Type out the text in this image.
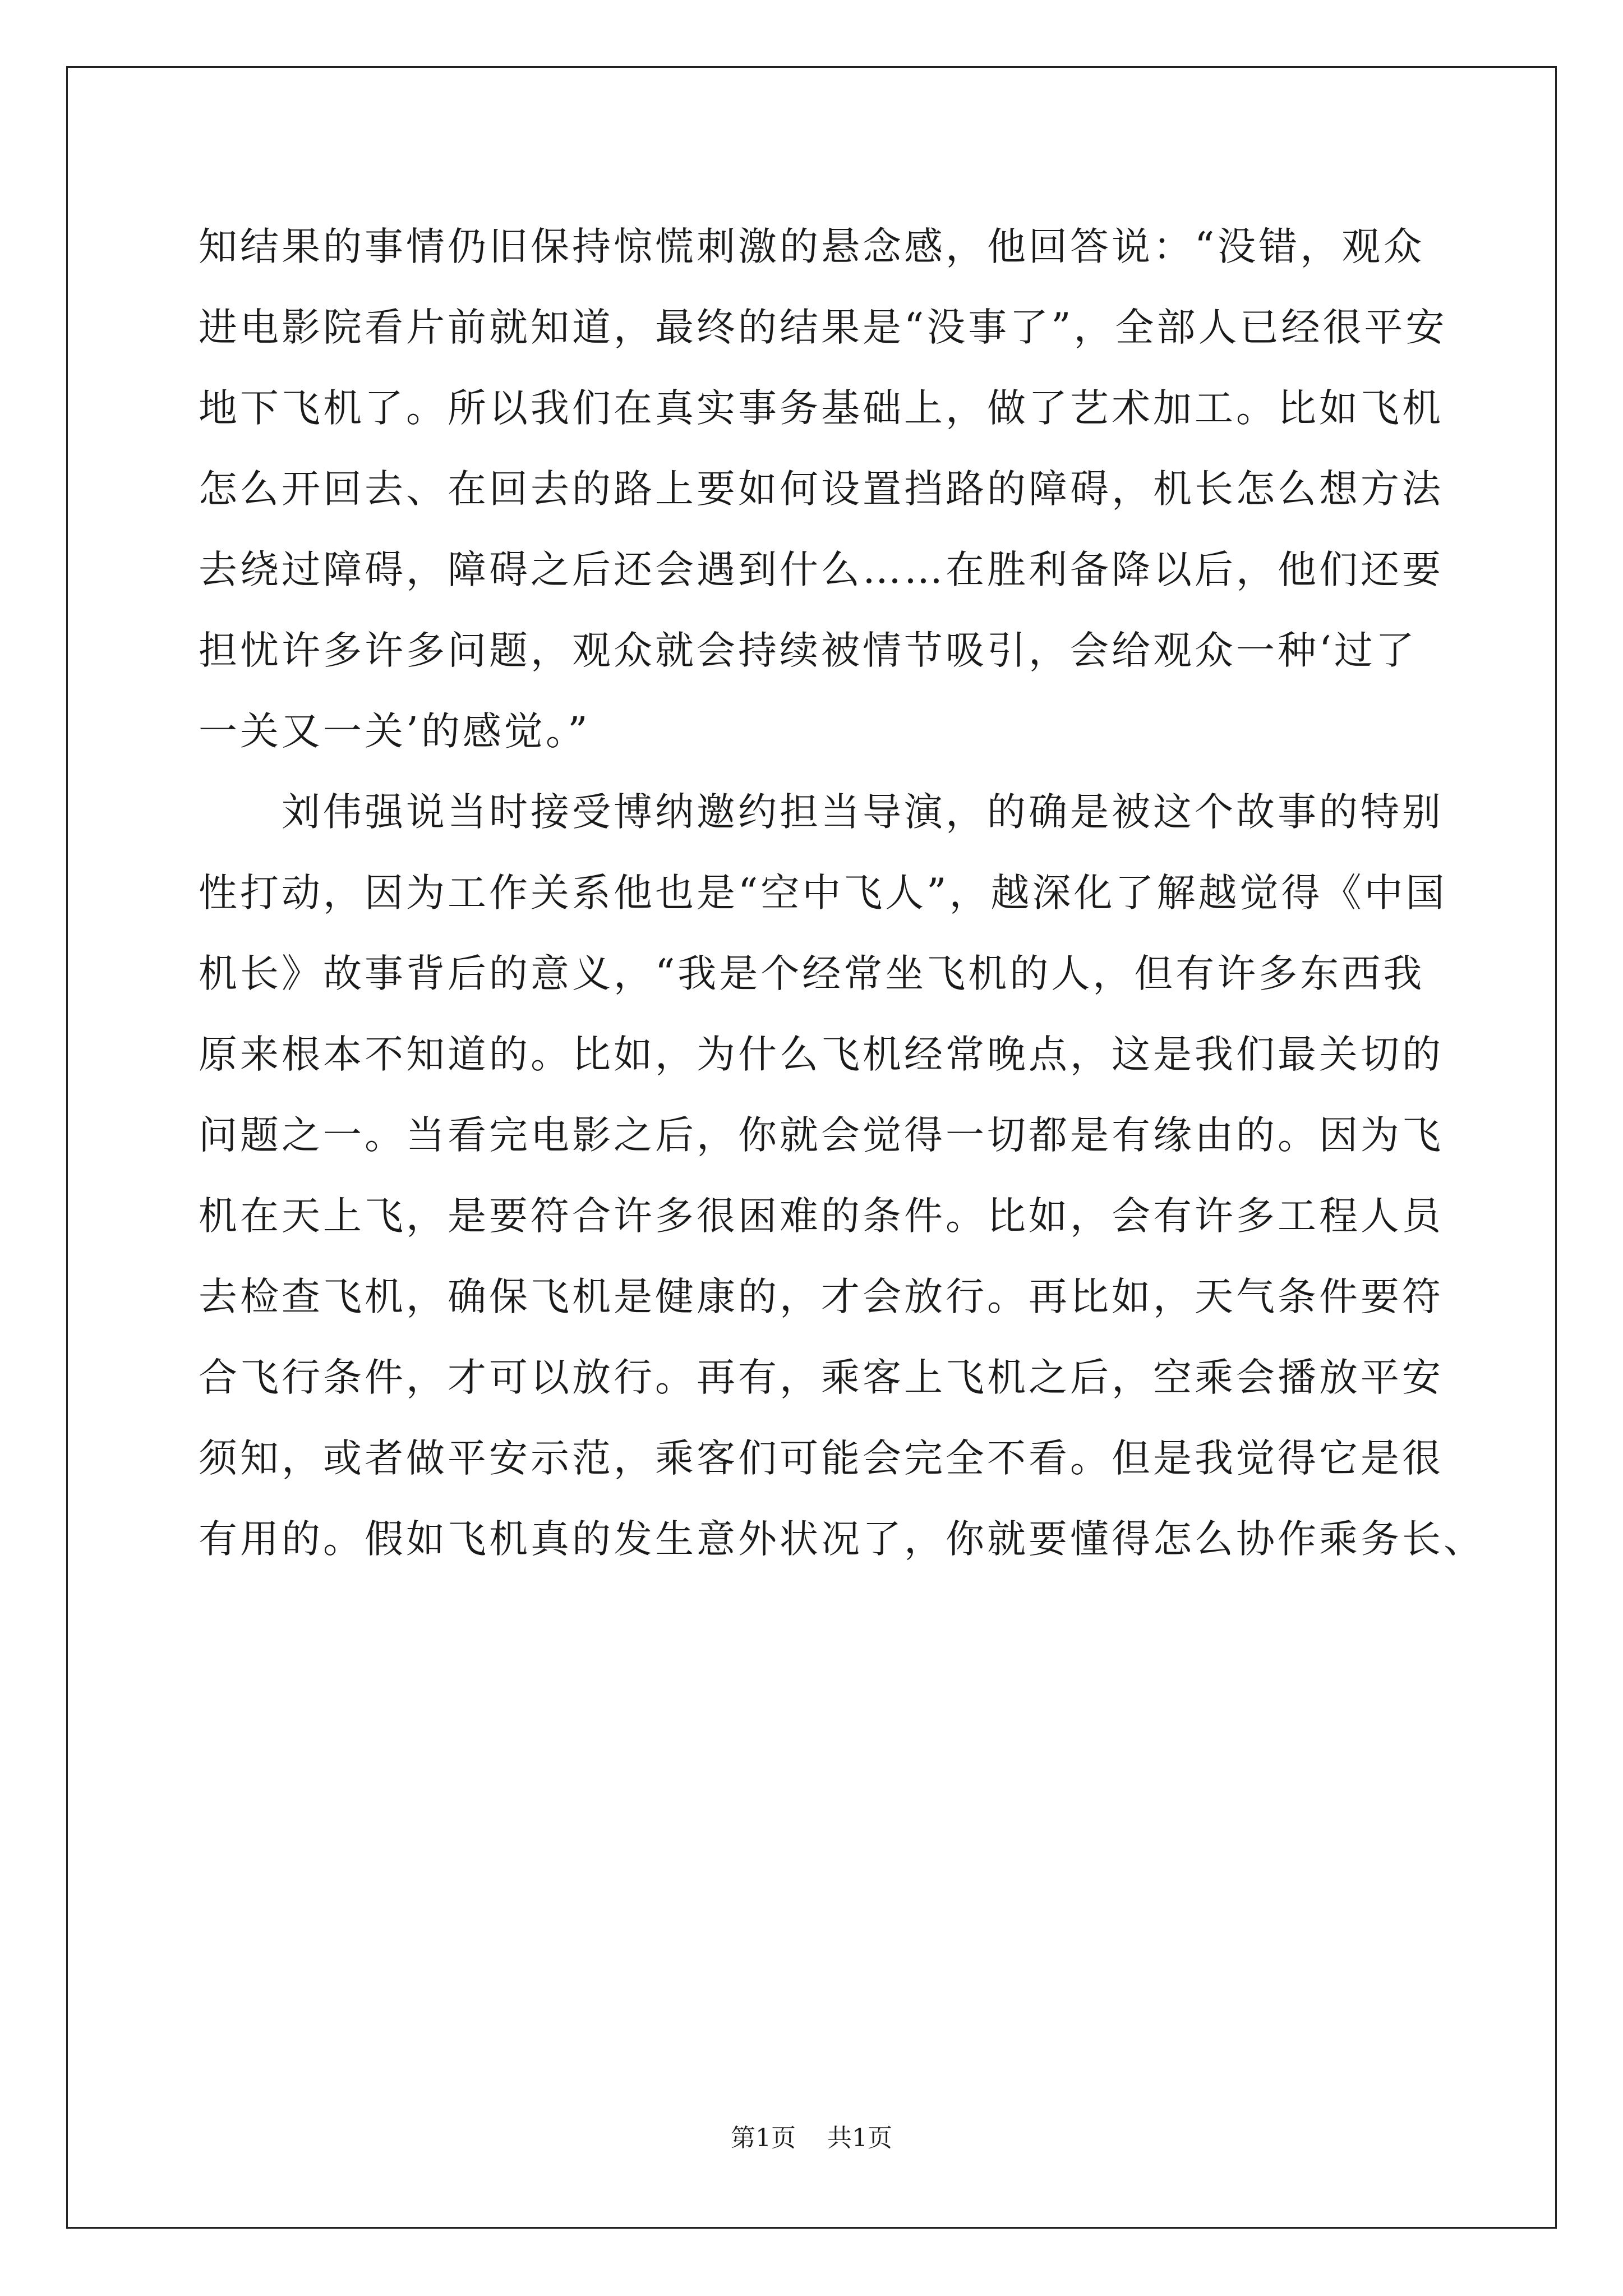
知结果的事情仍旧保持惊慌刺激的悬念感，他回答说：“没错，观众
进电影院看片前就知道，最终的结果是“没事了”，全部人已经很平安
地下飞机了。所以我们在真实事务基础上，做了艺术加工。比如飞机
怎么开回去、在回去的路上要如何设置挡路的障碍，机长怎么想方法
去绕过障碍，障碍之后还会遇到什么……在胜利备降以后，他们还要
担忧许多许多问题，观众就会持续被情节吸引，会给观众一种‘过了
一关又一关’的感觉。”
刘伟强说当时接受博纳邀约担当导演，的确是被这个故事的特别
性打动，因为工作关系他也是“空中飞人”，越深化了解越觉得《中国
机长》故事背后的意义，“我是个经常坐飞机的人，但有许多东西我
原来根本不知道的。比如，为什么飞机经常晚点，这是我们最关切的
问题之一。当看完电影之后，你就会觉得一切都是有缘由的。因为飞
机在天上飞，是要符合许多很困难的条件。比如，会有许多工程人员
去检查飞机，确保飞机是健康的，才会放行。再比如，天气条件要符
合飞行条件，才可以放行。再有，乘客上飞机之后，空乘会播放平安
须知，或者做平安示范，乘客们可能会完全不看。但是我觉得它是很
有用的。假如飞机真的发生意外状况了，你就要懂得怎么协作乘务长、
第1页    共1页
